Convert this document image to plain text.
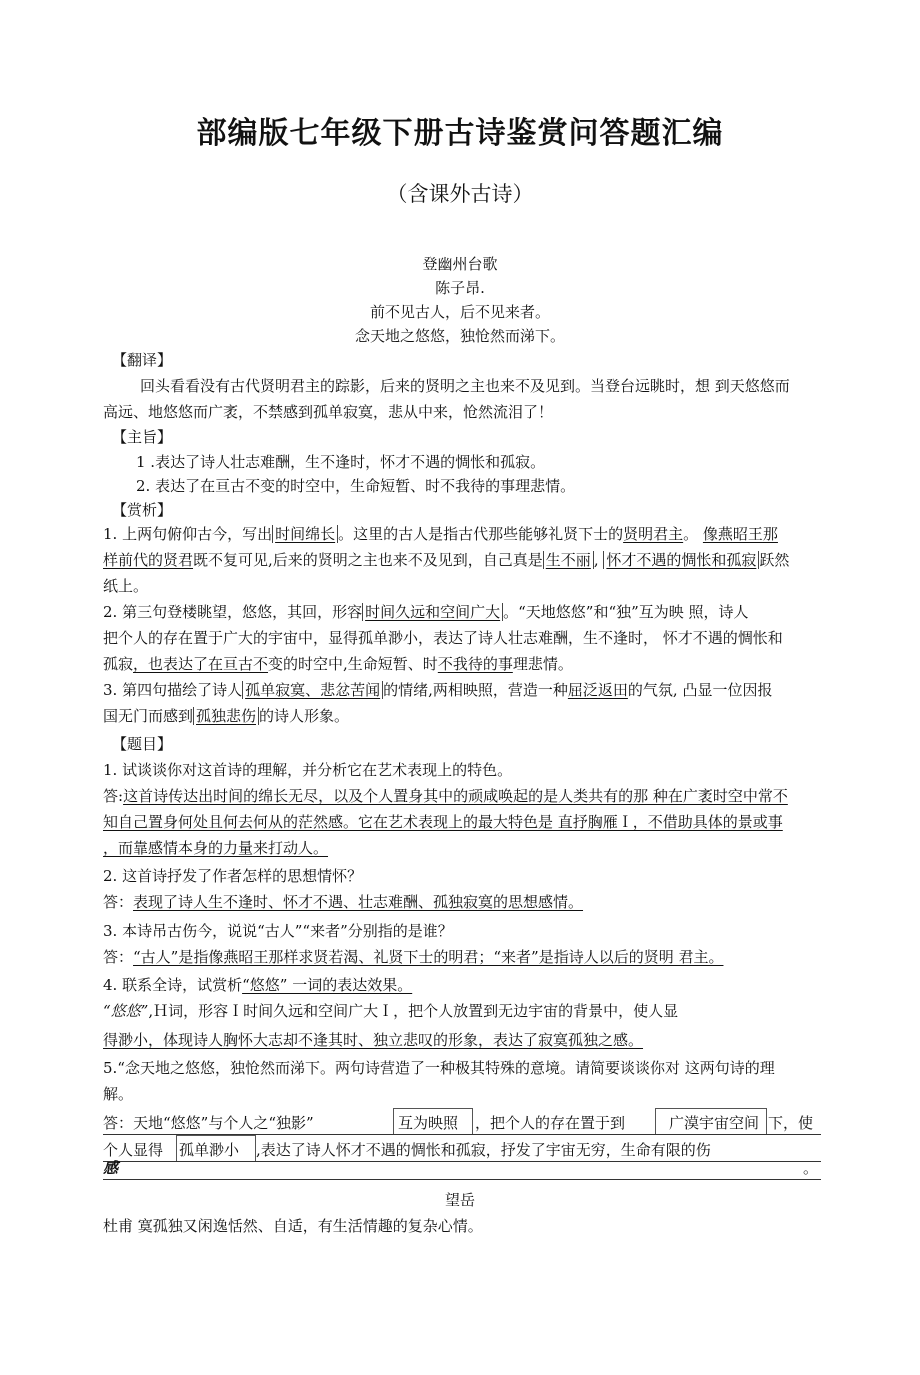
部编版七年级下册古诗鉴赏问答题汇编
（含课外古诗）
登幽州台歌
陈子昂.
前不见古人，后不见来者。
念天地之悠悠，独怆然而涕下。
【翻译】
回头看看没有古代贤明君主的踪影，后来的贤明之主也来不及见到。当登台远眺时，想 到天悠悠而
高远、地悠悠而广袤，不禁感到孤单寂寞，悲从中来，怆然流泪了！
【主旨】
1 .表达了诗人壮志难酬，生不逢时，怀才不遇的惆怅和孤寂。
2. 表达了在亘古不变的时空中，生命短暂、时不我待的事理悲情。
【赏析】
1. 上两句俯仰古今，写出 时间绵长 。这里的古人是指古代那些能够礼贤下士的贤明君主。 像燕昭王那
样前代的贤君既不复可见,后来的贤明之主也来不及见到，自己真是 生不丽 , 怀才不遇的惆怅和孤寂 跃然
纸上。
2. 第三句登楼眺望，悠悠，其回，形容 时间久远和空间广大 。“天地悠悠”和“独”互为映 照，诗人
把个人的存在置于广大的宇宙中，显得孤单渺小，表达了诗人壮志难酬，生不逢时， 怀才不遇的惆怅和
孤寂，也表达了在亘古不变的时空中,生命短暂、时不我待的事理悲情。
3. 第四句描绘了诗人 孤单寂寞、悲忿苦闻 的情绪,两相映照，营造一种屈泛返田的气氛, 凸显一位因报
国无门而感到 孤独悲伤 的诗人形象。
【题目】
1. 试谈谈你对这首诗的理解，并分析它在艺术表现上的特色。
答:这首诗传达出时间的绵长无尽，以及个人置身其中的顽咸唤起的是人类共有的那 种在广袤时空中常不
知自己置身何处且何去何从的茫然感。它在艺术表现上的最大特色是 直抒胸雁Ｉ，不借助具体的景或事
，而靠感情本身的力量来打动人。
2. 这首诗抒发了作者怎样的思想情怀？
答：表现了诗人生不逢时、怀才不遇、壮志难酬、孤独寂寞的思想感情。
3. 本诗吊古伤今，说说“古人”“来者”分别指的是谁？
答：“古人”是指像燕昭王那样求贤若渴、礼贤下士的明君；“来者”是指诗人以后的贤明 君主。
4. 联系全诗，试赏析“悠悠” 一词的表达效果。
“悠悠”,Ｈ词，形容Ｉ时间久远和空间广大Ｉ，把个人放置到无边宇宙的背景中，使人显
得渺小，体现诗人胸怀大志却不逢其时、独立悲叹的形象，表达了寂寞孤独之感。
5.“念天地之悠悠，独怆然而涕下。两句诗营造了一种极其特殊的意境。请简要谈谈你对 这两句诗的理
解。
答：天地“悠悠”与个人之“独影”	互为映照 ，把个人的存在置于到	广漠宇宙空间 下，使
个人显得 孤单渺小 ,表达了诗人怀才不遇的惆怅和孤寂，抒发了宇宙无穷，生命有限的伤
感	。
望岳
杜甫 寞孤独又闲逸恬然、自适，有生活情趣的复杂心情。
